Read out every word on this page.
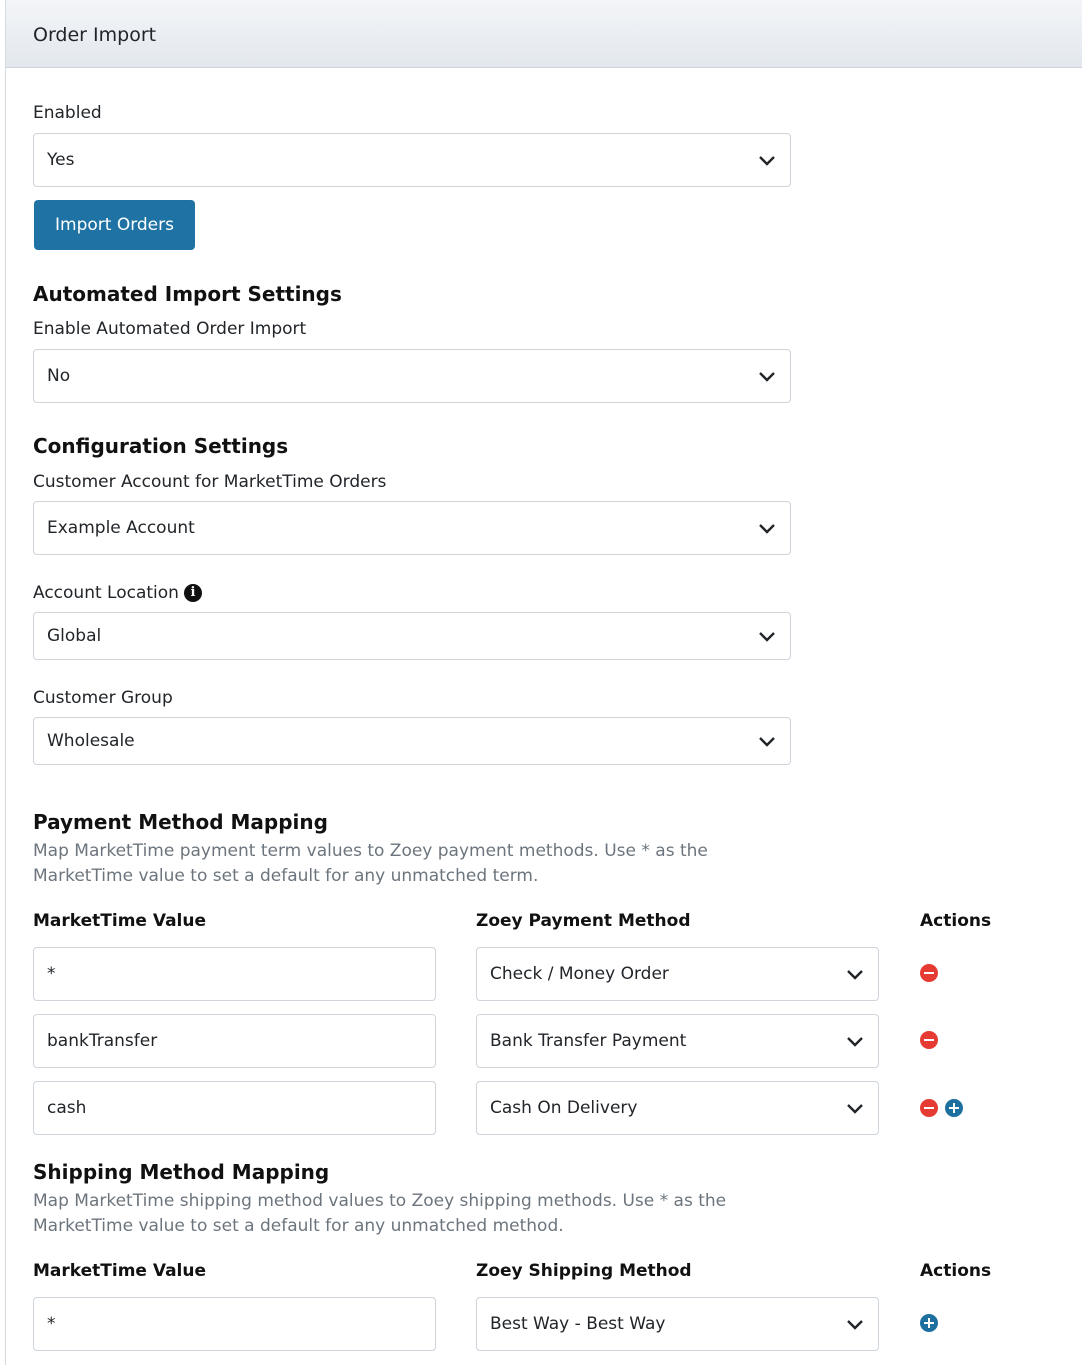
Order Import
Enabled
Yes
Import Orders
Automated Import Settings
Enable Automated Order Import
No
Configuration Settings
Customer Account for MarketTime Orders
Example Account
Account Location i
Global
Customer Group
Wholesale
Payment Method Mapping
Map MarketTime payment term values to Zoey payment methods. Use * as the MarketTime value to set a default for any unmatched term.
MarketTime Value	Zoey Payment Method	Actions
*	Check / Money Order
bankTransfer	Bank Transfer Payment
cash	Cash On Delivery
Shipping Method Mapping
Map MarketTime shipping method values to Zoey shipping methods. Use * as the MarketTime value to set a default for any unmatched method.
MarketTime Value	Zoey Shipping Method	Actions
*	Best Way - Best Way
